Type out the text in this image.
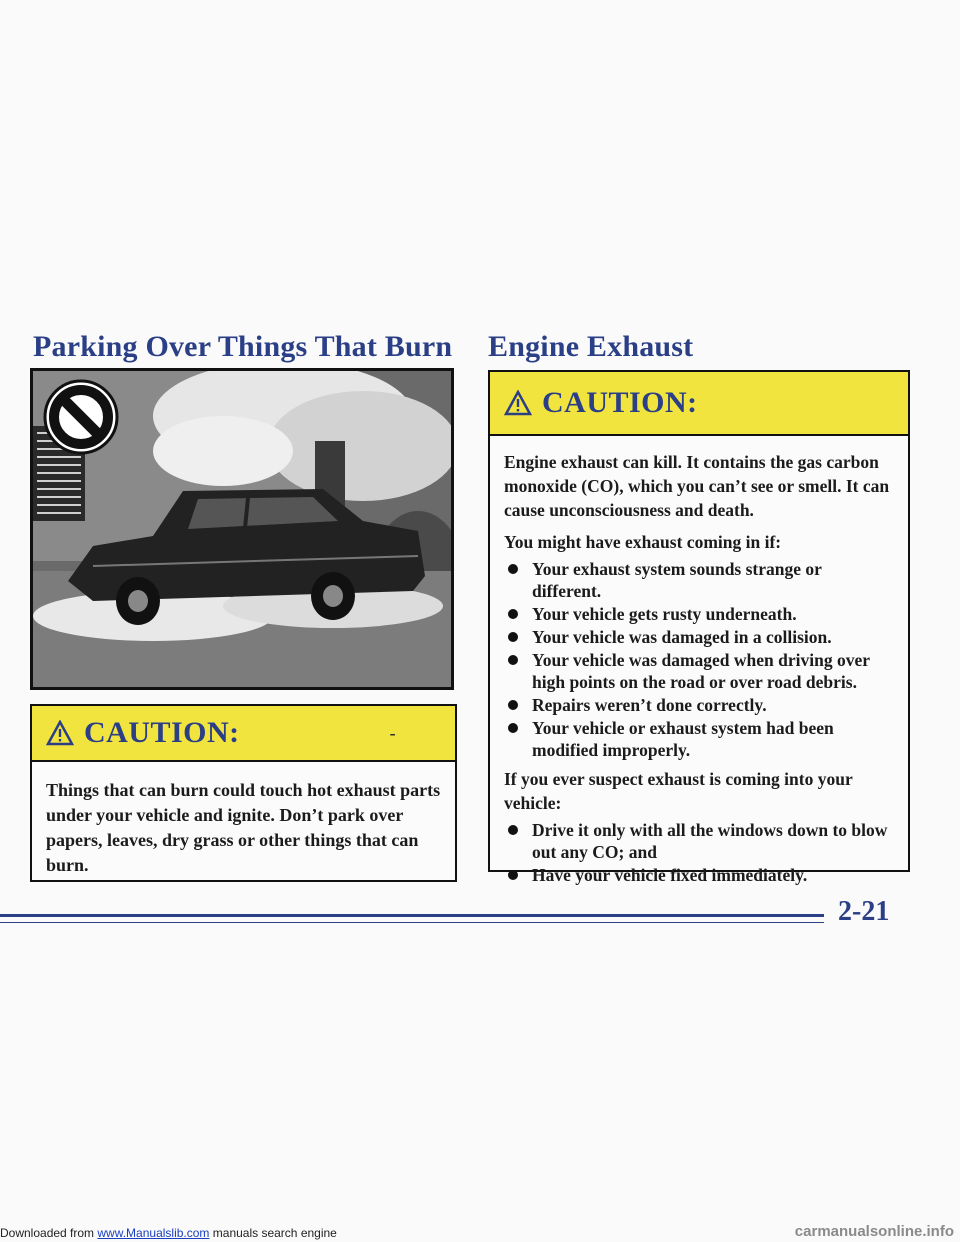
Parking Over Things That Burn Engine Exhaust
CAUTION:	-

Things that can burn could touch hot exhaust parts under your vehicle and ignite. Don’t park over papers, leaves, dry grass or other things that can burn.

CAUTION:

Engine exhaust can kill. It contains the gas carbon monoxide (CO), which you can’t see or smell. It can cause unconsciousness and death.

You might have exhaust coming in if:

Your exhaust system sounds strange or different.
Your vehicle gets rusty underneath.
Your vehicle was damaged in a collision.
Your vehicle was damaged when driving over high points on the road or over road debris.
Repairs weren’t done correctly.
Your vehicle or exhaust system had been modified improperly.

If you ever suspect exhaust is coming into your vehicle:

Drive it only with all the windows down to blow out any CO; and
Have your vehicle fixed immediately.
2-21
Downloaded from www.Manualslib.com manuals search engine	carmanualsonline.info
